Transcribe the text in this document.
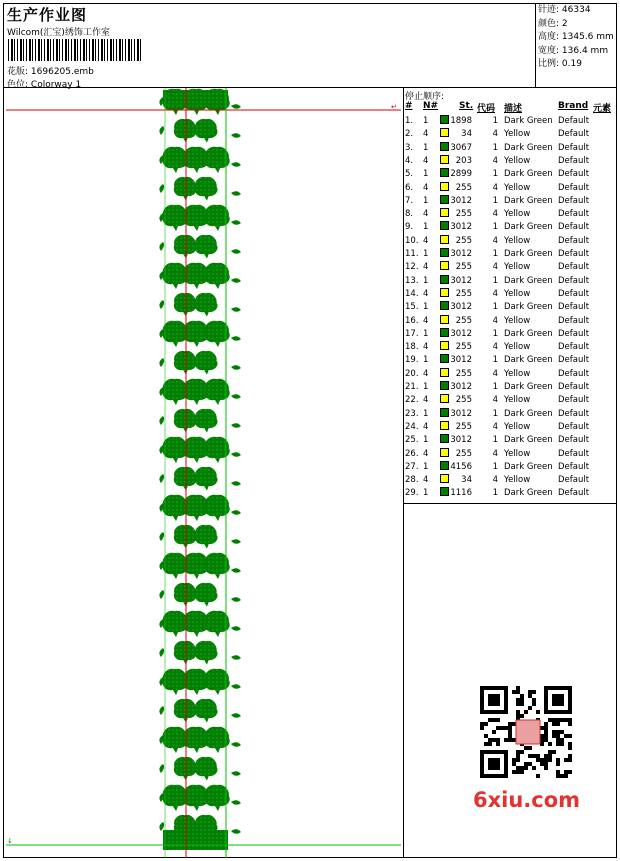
生产作业图
Wilcom(汇宝)绣饰工作室
花版: 1696205.emb
色位: Colorway 1
针迹: 46334
颜色: 2
高度: 1345.6 mm
宽度: 136.4 mm
比例: 0.19
↵
↓
停止顺序:
# N# St. 代码 描述	Brand 元素
1. 1	1898	1 Dark Green Default
2. 4	34	4 Yellow	Default
3. 1	3067	1 Dark Green Default
4. 4	203	4 Yellow	Default
5. 1	2899	1 Dark Green Default
6. 4	255	4 Yellow	Default
7. 1	3012	1 Dark Green Default
8. 4	255	4 Yellow	Default
9. 1	3012	1 Dark Green Default
10. 4	255	4 Yellow	Default
11. 1	3012	1 Dark Green Default
12. 4	255	4 Yellow	Default
13. 1	3012	1 Dark Green Default
14. 4	255	4 Yellow	Default
15. 1	3012	1 Dark Green Default
16. 4	255	4 Yellow	Default
17. 1	3012	1 Dark Green Default
18. 4	255	4 Yellow	Default
19. 1	3012	1 Dark Green Default
20. 4	255	4 Yellow	Default
21. 1	3012	1 Dark Green Default
22. 4	255	4 Yellow	Default
23. 1	3012	1 Dark Green Default
24. 4	255	4 Yellow	Default
25. 1	3012	1 Dark Green Default
26. 4	255	4 Yellow	Default
27. 1	4156	1 Dark Green Default
28. 4	34	4 Yellow	Default
29. 1	1116	1 Dark Green Default
6xiu.com
